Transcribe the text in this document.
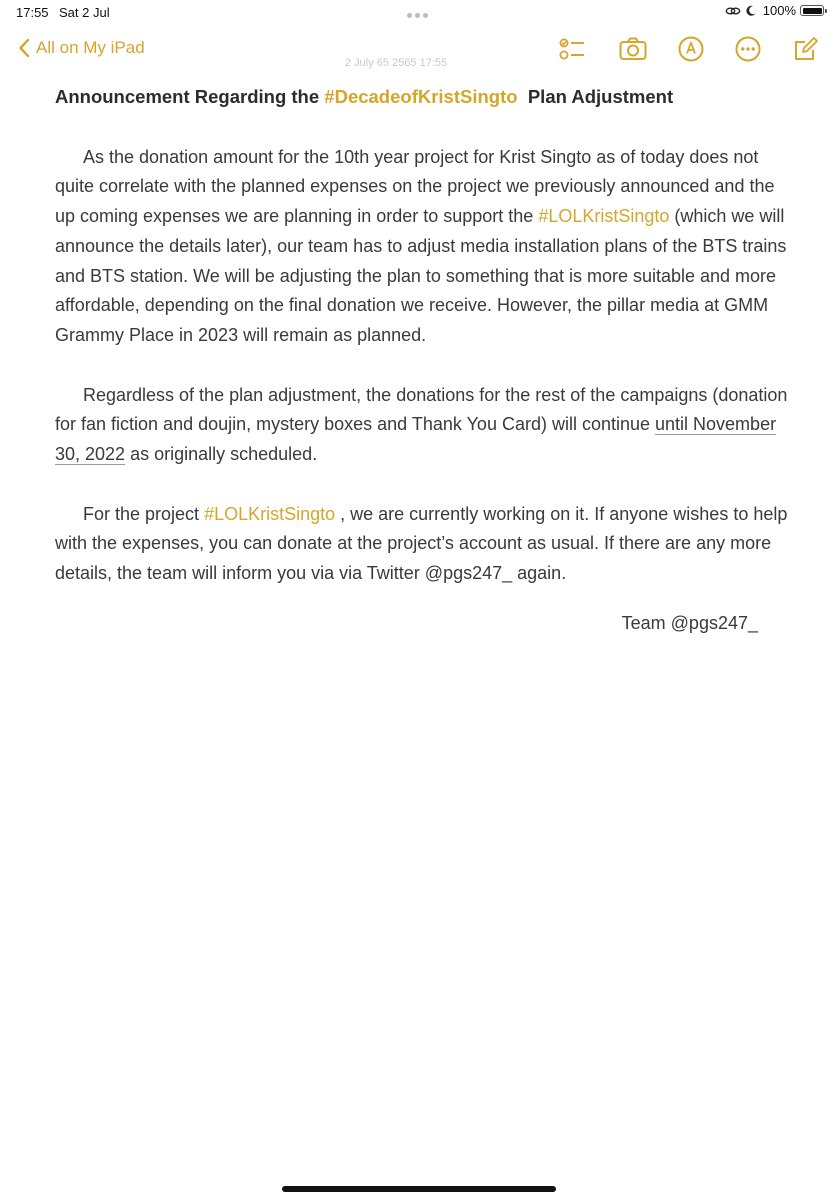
17:55 Sat 2 Jul	100%
All on My iPad
2 July 65 2565 17:55

Announcement Regarding the #DecadeofKristSingto  Plan Adjustment

As the donation amount for the 10th year project for Krist Singto as of today does not quite correlate with the planned expenses on the project we previously announced and the up coming expenses we are planning in order to support the #LOLKristSingto (which we will announce the details later), our team has to adjust media installation plans of the BTS trains and BTS station. We will be adjusting the plan to something that is more suitable and more affordable, depending on the final donation we receive. However, the pillar media at GMM Grammy Place in 2023 will remain as planned.

Regardless of the plan adjustment, the donations for the rest of the campaigns (donation for fan fiction and doujin, mystery boxes and Thank You Card) will continue until November 30, 2022 as originally scheduled.

For the project #LOLKristSingto , we are currently working on it. If anyone wishes to help with the expenses, you can donate at the project’s account as usual. If there are any more details, the team will inform you via via Twitter @pgs247_ again.

Team @pgs247_
